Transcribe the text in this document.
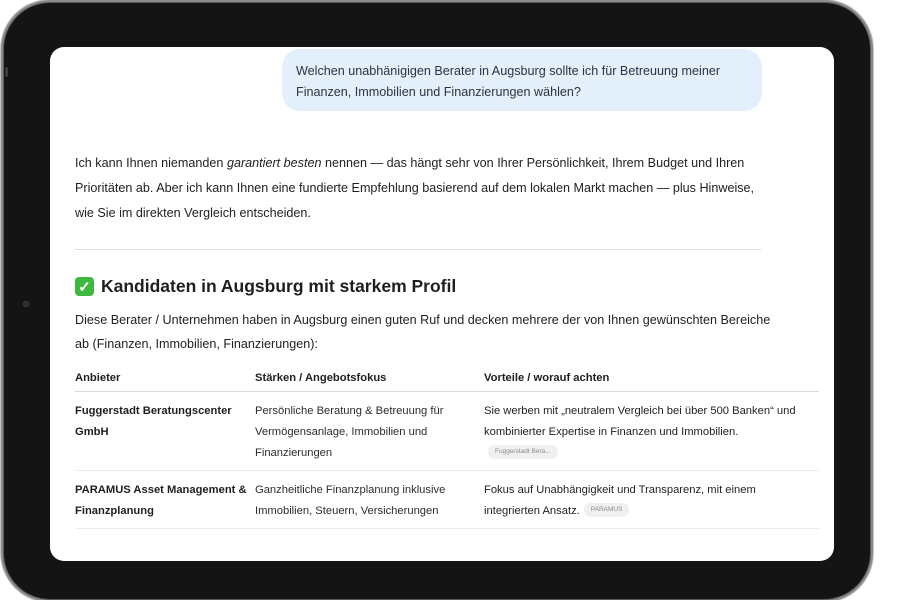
Welchen unabhänigigen Berater in Augsburg sollte ich für Betreuung meiner Finanzen, Immobilien und Finanzierungen wählen?
Ich kann Ihnen niemanden garantiert besten nennen — das hängt sehr von Ihrer Persönlichkeit, Ihrem Budget und Ihren Prioritäten ab. Aber ich kann Ihnen eine fundierte Empfehlung basierend auf dem lokalen Markt machen — plus Hinweise, wie Sie im direkten Vergleich entscheiden.
✓ Kandidaten in Augsburg mit starkem Profil
Diese Berater / Unternehmen haben in Augsburg einen guten Ruf und decken mehrere der von Ihnen gewünschten Bereiche ab (Finanzen, Immobilien, Finanzierungen):
Anbieter	Stärken / Angebotsfokus	Vorteile / worauf achten
Fuggerstadt Beratungscenter GmbH
Persönliche Beratung & Betreuung für Vermögensanlage, Immobilien und Finanzierungen
Sie werben mit „neutralem Vergleich bei über 500 Banken“ und kombinierter Expertise in Finanzen und Immobilien.Fuggerstadt Bera...
PARAMUS Asset Management & Finanzplanung
Ganzheitliche Finanzplanung inklusive Immobilien, Steuern, Versicherungen
Fokus auf Unabhängigkeit und Transparenz, mit einem integrierten Ansatz. PARAMUS
